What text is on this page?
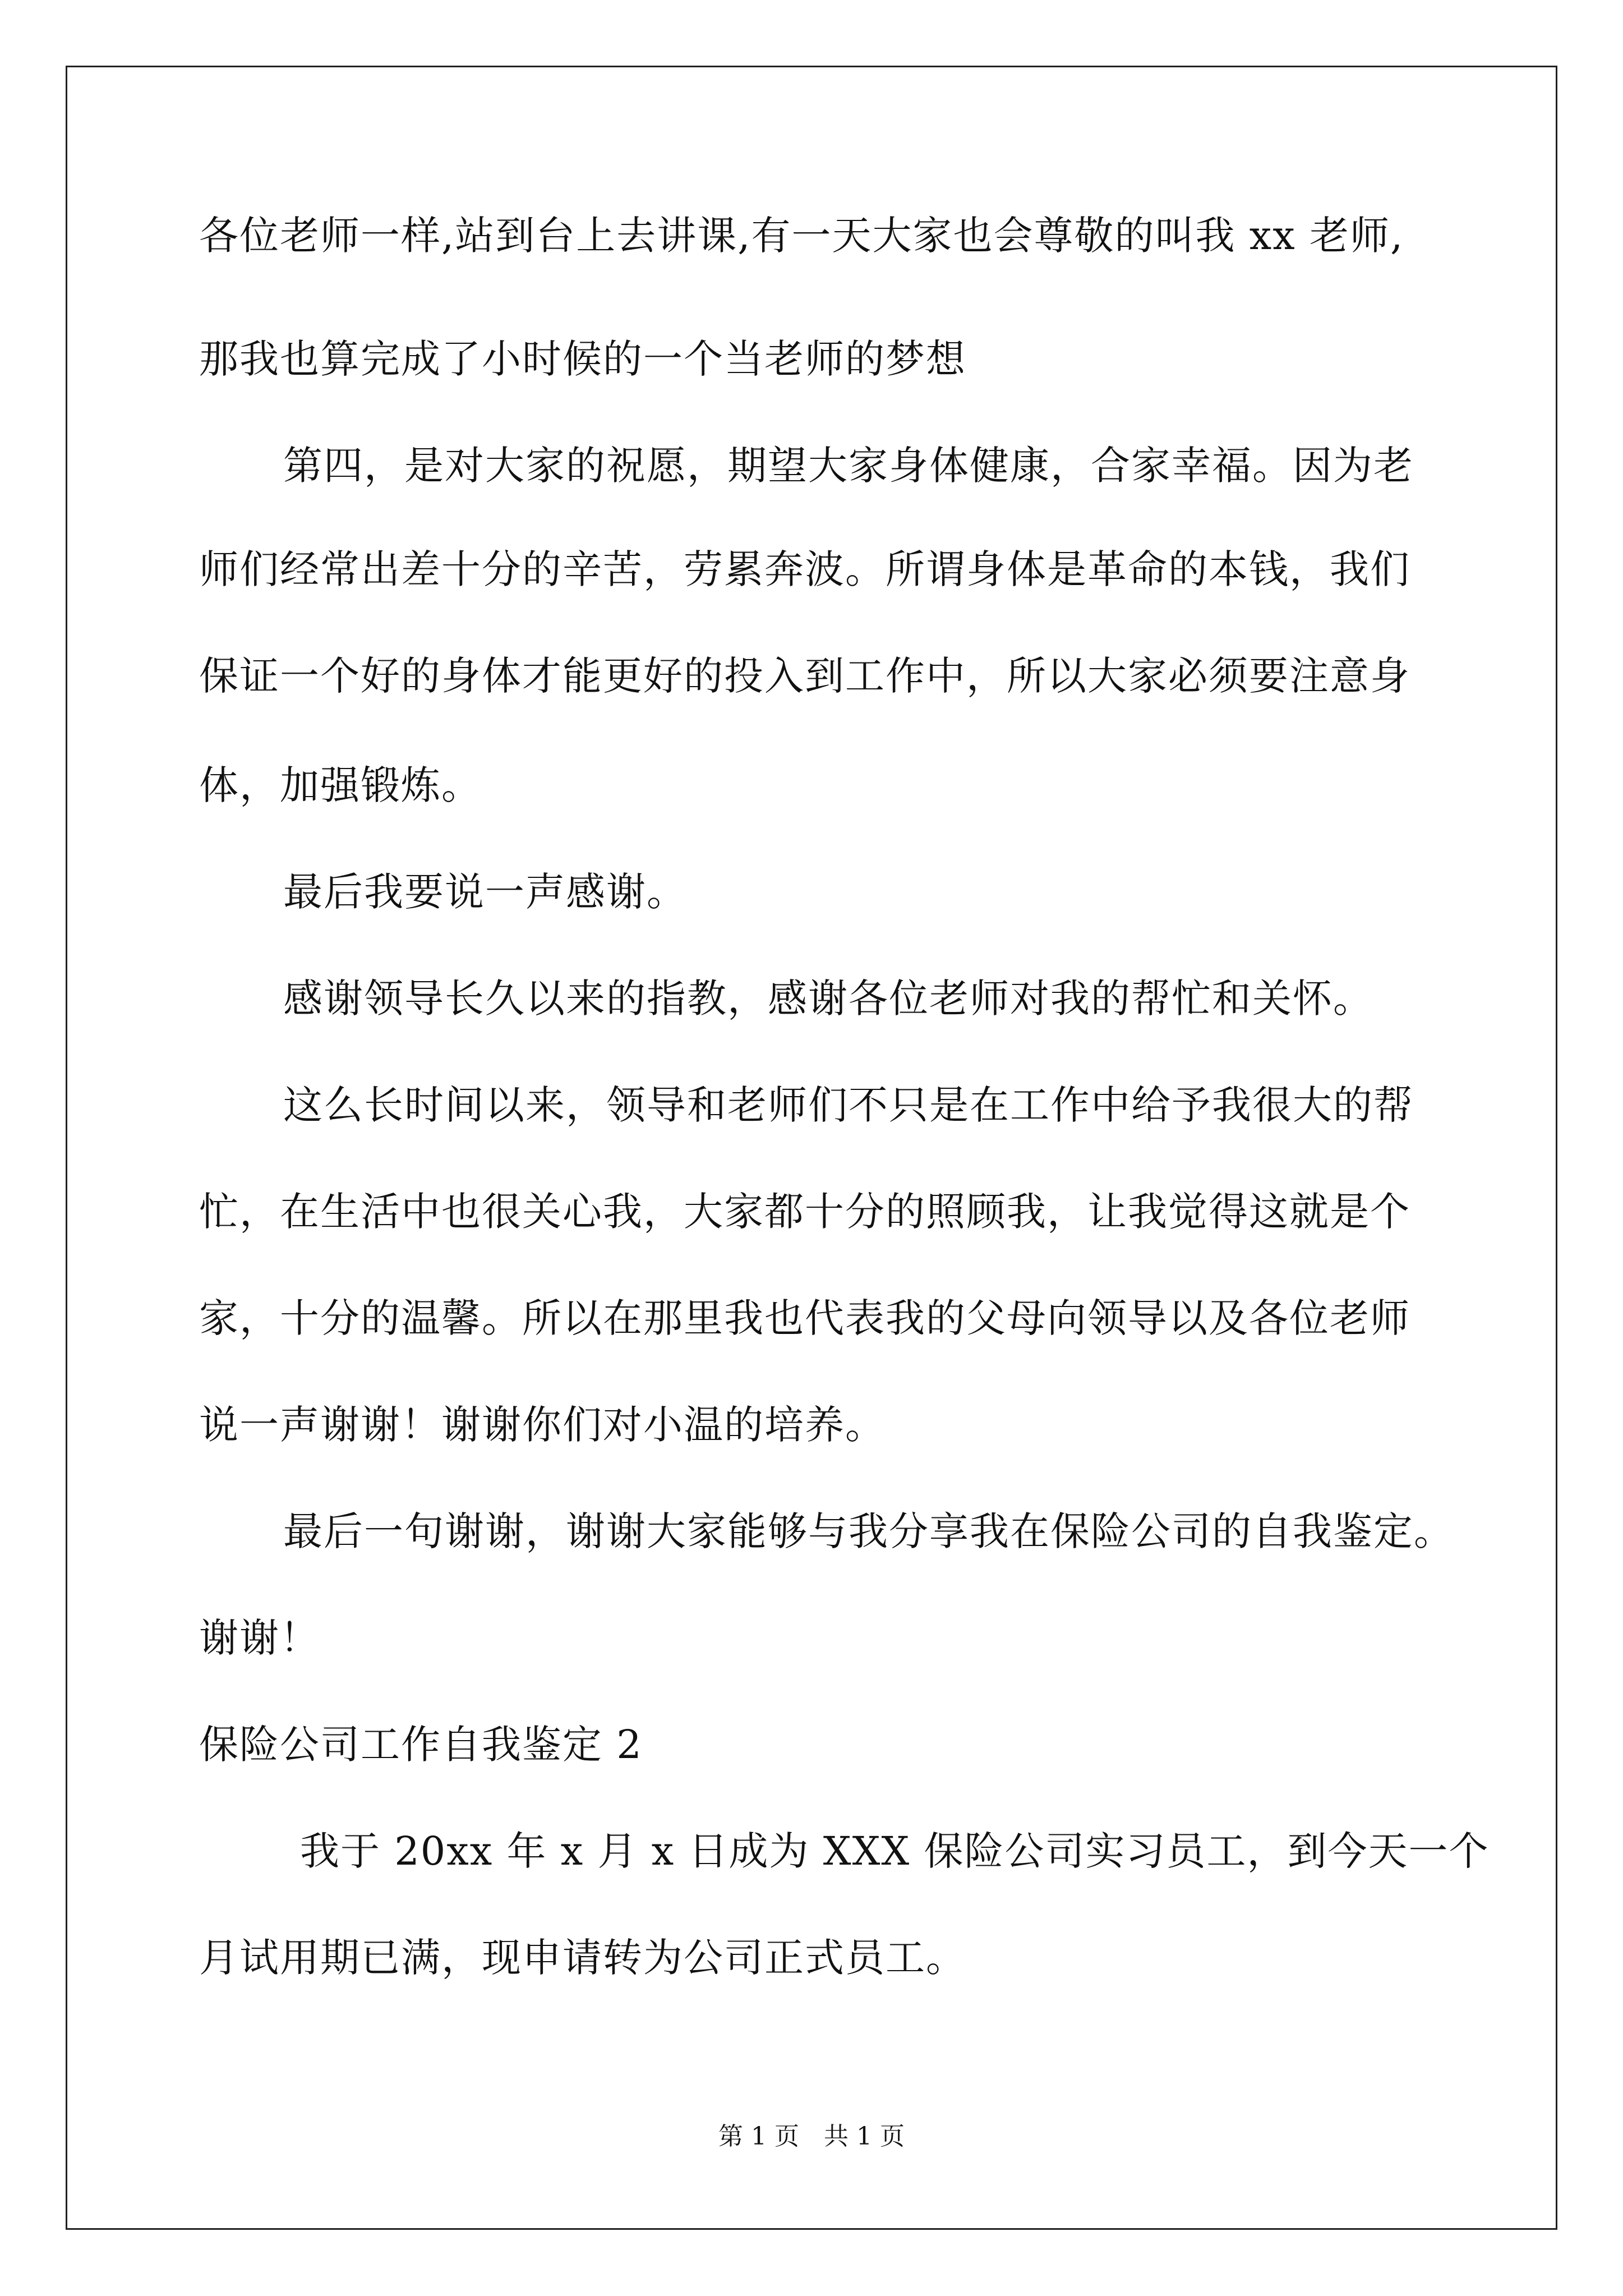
各位老师一样,站到台上去讲课,有一天大家也会尊敬的叫我 xx 老师,
那我也算完成了小时候的一个当老师的梦想
第四，是对大家的祝愿，期望大家身体健康，合家幸福。因为老
师们经常出差十分的辛苦，劳累奔波。所谓身体是革命的本钱，我们
保证一个好的身体才能更好的投入到工作中，所以大家必须要注意身
体，加强锻炼。
最后我要说一声感谢。
感谢领导长久以来的指教，感谢各位老师对我的帮忙和关怀。
这么长时间以来，领导和老师们不只是在工作中给予我很大的帮
忙，在生活中也很关心我，大家都十分的照顾我，让我觉得这就是个
家，十分的温馨。所以在那里我也代表我的父母向领导以及各位老师
说一声谢谢！谢谢你们对小温的培养。
最后一句谢谢，谢谢大家能够与我分享我在保险公司的自我鉴定。
谢谢！
保险公司工作自我鉴定 2
我于 20xx 年 x 月 x 日成为 XXX 保险公司实习员工，到今天一个
月试用期已满，现申请转为公司正式员工。
第 1 页　共 1 页
